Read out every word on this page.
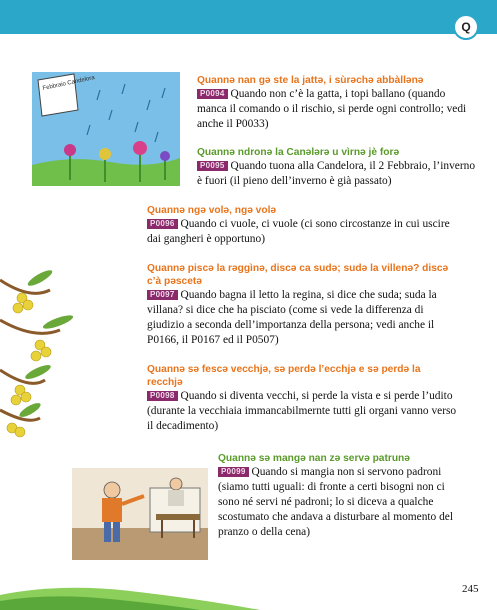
Q
Febbraio Candelora	Quannə nan gə ste la jattə, i sùrəchə abbàllənə
P0094 Quando non c’è la gatta, i topi ballano (quando manca il comando o il rischio, si perde ogni controllo; vedi anche il P0033)
Quannə ndronə la Canələrə u vìrnə jè forə
P0095 Quando tuona alla Candelora, il 2 Febbraio, l’inverno è fuori (il pieno dell’inverno è già passato)
Quannə ngə volə, ngə volə
P0096 Quando ci vuole, ci vuole (ci sono circostanze in cui uscire dai gangheri è opportuno)
Quannə piscə la rəggìnə, discə ca sudə; sudə la villenə? discə c’à pəscetə
P0097 Quando bagna il letto la regina, si dice che suda; suda la villana? si dice che ha pisciato (come si vede la differenza di giudizio a seconda dell’importanza della persona; vedi anche il P0166, il P0167 ed il P0507)
Quannə sə fescə vecchjə, sə perdə l’ecchjə e sə perdə la recchjə
P0098 Quando si diventa vecchi, si perde la vista e si perde l’udito (durante la vecchiaia immancabilmernte tutti gli organi vanno verso il decadimento)
Quannə sə mangə nan zə servə patrunə
P0099 Quando si mangia non si servono padroni (siamo tutti uguali: di fronte a certi bisogni non ci sono né servi né padroni; lo si diceva a qualche scostumato che andava a disturbare al momento del pranzo o della cena)
245
